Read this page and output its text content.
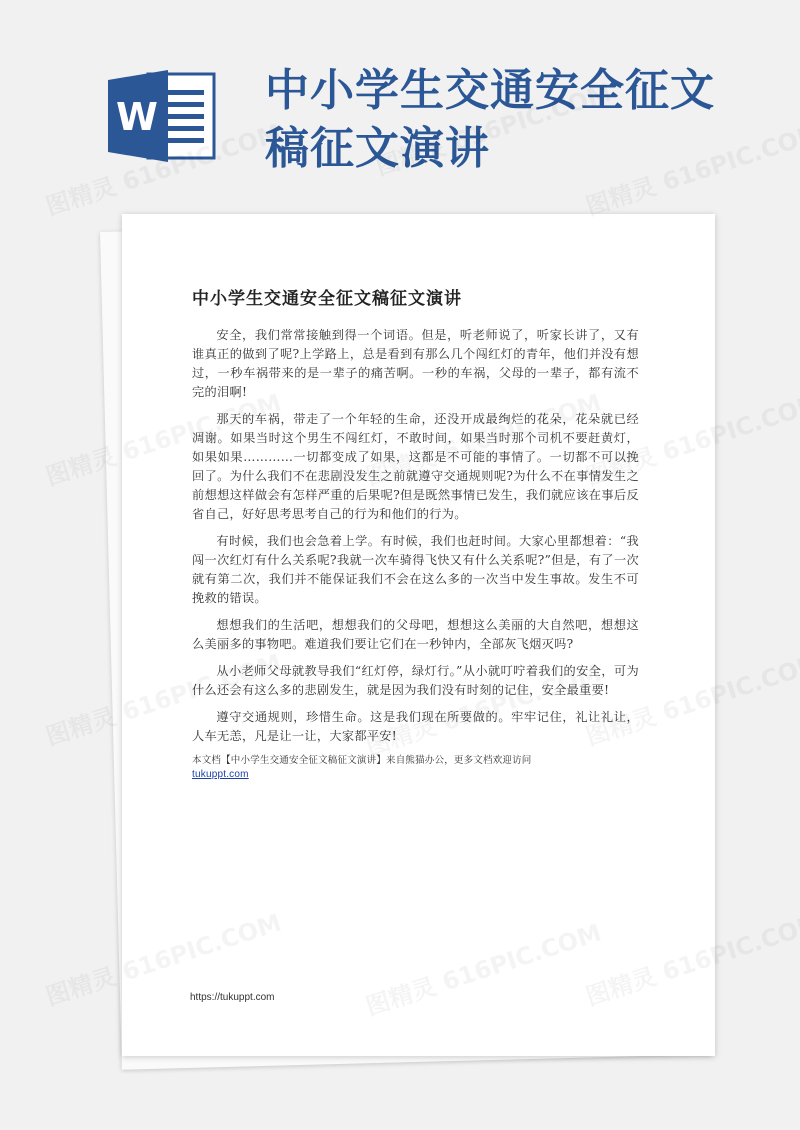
W
中小学生交通安全征文
稿征文演讲
中小学生交通安全征文稿征文演讲

安全，我们常常接触到得一个词语。但是，听老师说了，听家长讲了，又有谁真正的做到了呢?上学路上，总是看到有那么几个闯红灯的青年，他们并没有想过，一秒车祸带来的是一辈子的痛苦啊。一秒的车祸，父母的一辈子，都有流不完的泪啊!

那天的车祸，带走了一个年轻的生命，还没开成最绚烂的花朵，花朵就已经凋谢。如果当时这个男生不闯红灯，不敢时间，如果当时那个司机不要赶黄灯，如果如果…………一切都变成了如果，这都是不可能的事情了。一切都不可以挽回了。为什么我们不在悲剧没发生之前就遵守交通规则呢?为什么不在事情发生之前想想这样做会有怎样严重的后果呢?但是既然事情已发生，我们就应该在事后反省自己，好好思考思考自己的行为和他们的行为。

有时候，我们也会急着上学。有时候，我们也赶时间。大家心里都想着：“我闯一次红灯有什么关系呢?我就一次车骑得飞快又有什么关系呢?”但是，有了一次就有第二次，我们并不能保证我们不会在这么多的一次当中发生事故。发生不可挽救的错误。

想想我们的生活吧，想想我们的父母吧，想想这么美丽的大自然吧，想想这么美丽多的事物吧。难道我们要让它们在一秒钟内，全部灰飞烟灭吗?

从小老师父母就教导我们“红灯停，绿灯行。”从小就叮咛着我们的安全，可为什么还会有这么多的悲剧发生，就是因为我们没有时刻的记住，安全最重要!

遵守交通规则，珍惜生命。这是我们现在所要做的。牢牢记住，礼让礼让，人车无恙，凡是让一让，大家都平安!

本文档【中小学生交通安全征文稿征文演讲】来自熊猫办公，更多文档欢迎访问
tukuppt.com
https://tukuppt.com
